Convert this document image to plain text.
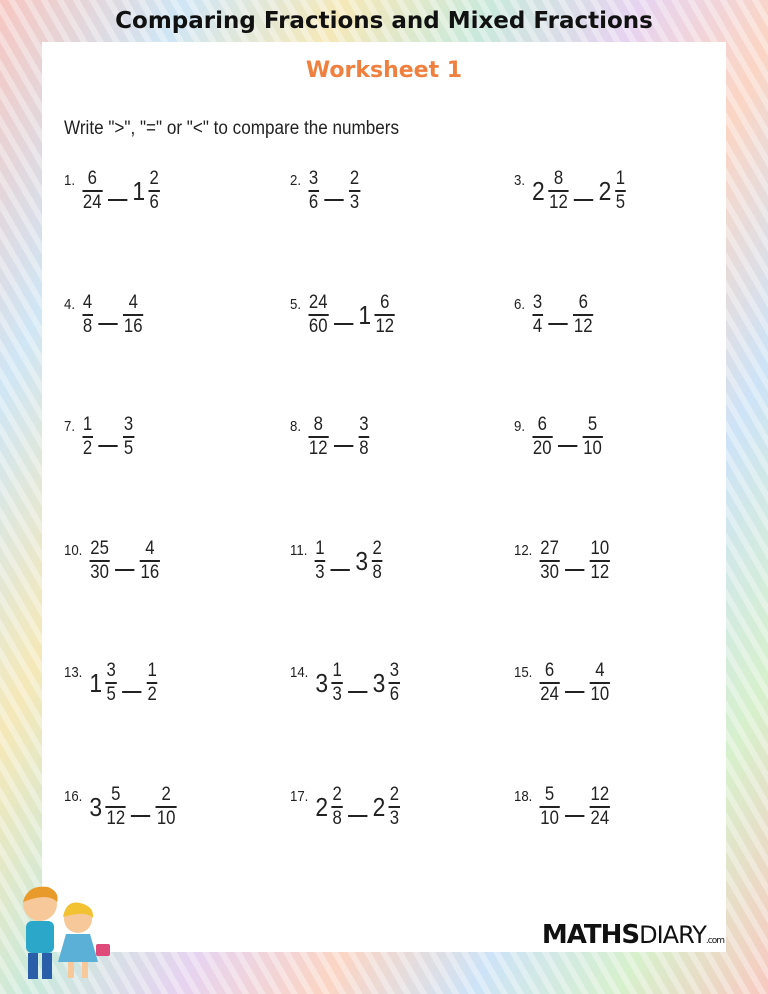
Comparing Fractions and Mixed Fractions
Worksheet 1
Write ">", "=" or "<" to compare the numbers
1. $\frac{6}{24} 1 \frac{2}{6}$	2. $\frac{3}{6} \frac{2}{3}$	3. $2 \frac{8}{12} 2 \frac{1}{5}$
4. $\frac{4}{8} \frac{4}{16}$	5. $\frac{24}{60} 1 \frac{6}{12}$	6. $\frac{3}{4} \frac{6}{12}$
7. $\frac{1}{2} \frac{3}{5}$	8. $\frac{8}{12} \frac{3}{8}$	9. $\frac{6}{20} \frac{5}{10}$
10. $\frac{25}{30} \frac{4}{16}$	11. $\frac{1}{3} 3 \frac{2}{8}$	12. $\frac{27}{30} \frac{10}{12}$
13. $1 \frac{3}{5} \frac{1}{2}$	14. $3 \frac{1}{3} 3 \frac{3}{6}$	15. $\frac{6}{24} \frac{4}{10}$
16. $3 \frac{5}{12} \frac{2}{10}$	17. $2 \frac{2}{8} 2 \frac{2}{3}$	18. $\frac{5}{10} \frac{12}{24}$
MATHSDIARY.com
